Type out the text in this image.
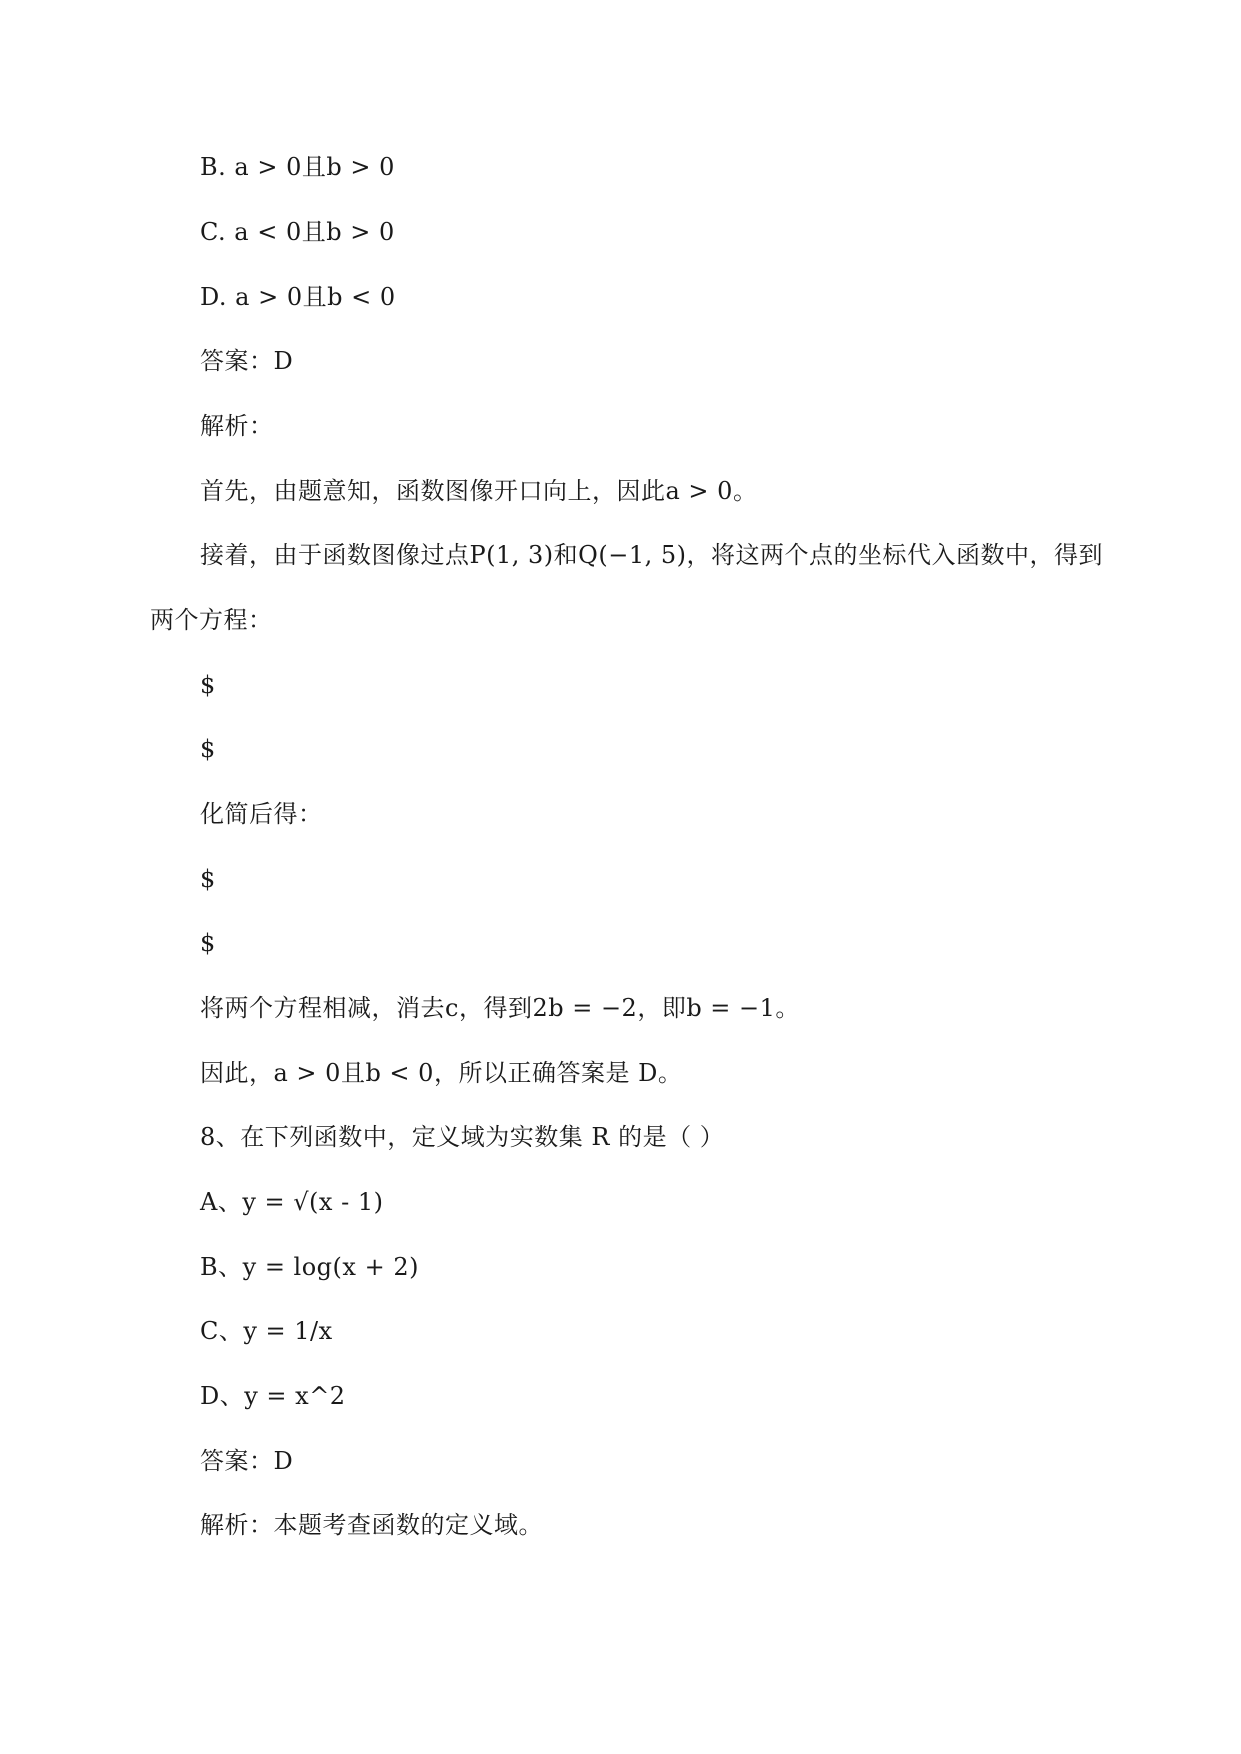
B. a > 0且b > 0
C. a < 0且b > 0
D. a > 0且b < 0
答案：D
解析：
首先，由题意知，函数图像开口向上，因此a > 0。
接着，由于函数图像过点P(1, 3)和Q(−1, 5)，将这两个点的坐标代入函数中，得到
两个方程：
$
$
化简后得：
$
$
将两个方程相减，消去c，得到2b = −2，即b = −1。
因此，a > 0且b < 0，所以正确答案是 D。
8、在下列函数中，定义域为实数集 R 的是（ ）
A、y = √(x - 1)
B、y = log(x + 2)
C、y = 1/x
D、y = x^2
答案：D
解析：本题考查函数的定义域。
